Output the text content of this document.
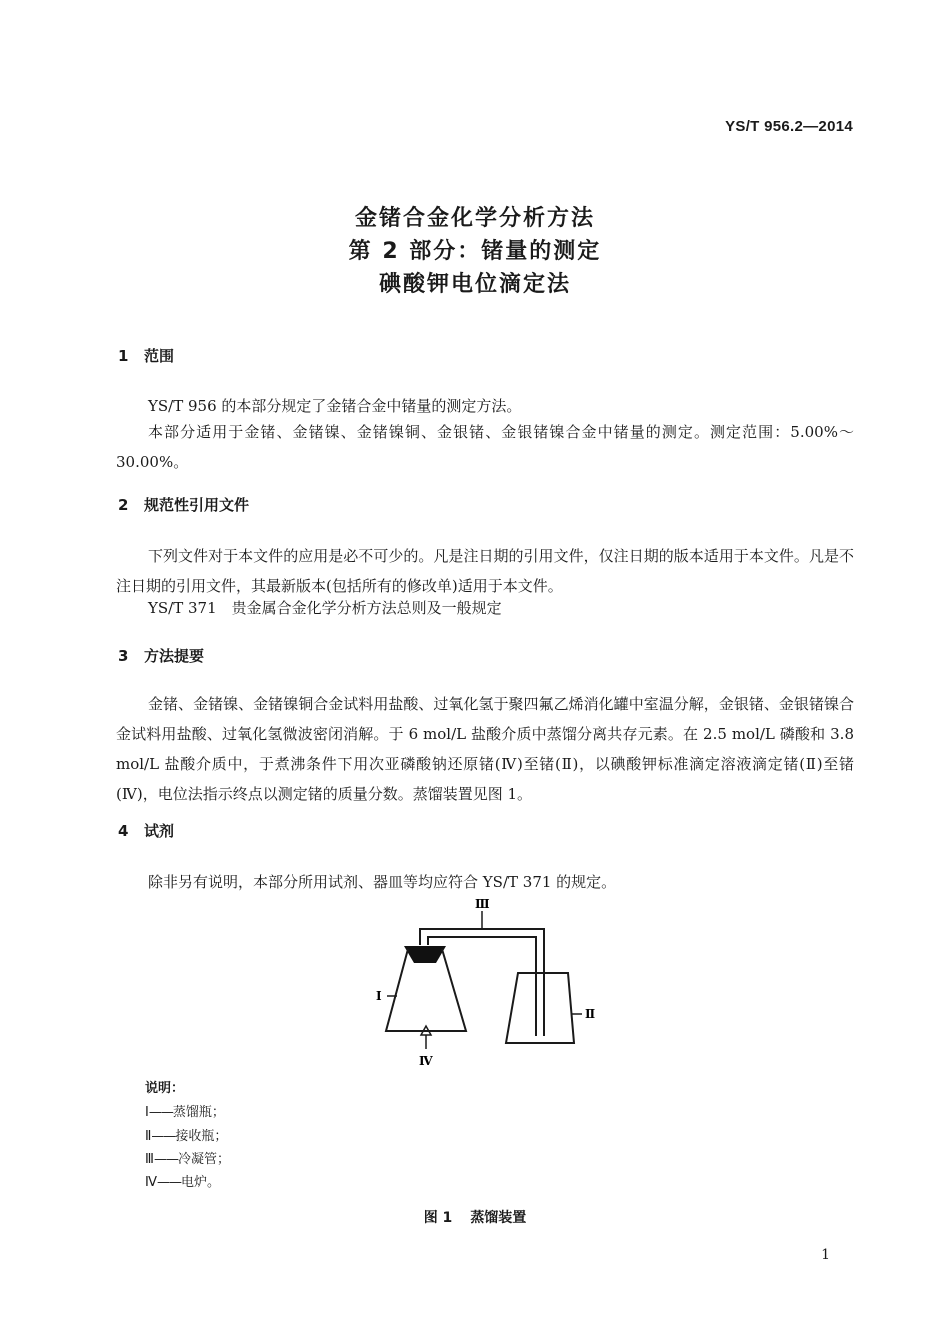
YS/T 956.2—2014
金锗合金化学分析方法
第 2 部分：锗量的测定
碘酸钾电位滴定法
1 范围
YS/T 956 的本部分规定了金锗合金中锗量的测定方法。
本部分适用于金锗、金锗镍、金锗镍铜、金银锗、金银锗镍合金中锗量的测定。测定范围：5.00%～30.00%。
2 规范性引用文件
下列文件对于本文件的应用是必不可少的。凡是注日期的引用文件，仅注日期的版本适用于本文件。凡是不注日期的引用文件，其最新版本(包括所有的修改单)适用于本文件。
YS/T 371　贵金属合金化学分析方法总则及一般规定
3 方法提要
金锗、金锗镍、金锗镍铜合金试料用盐酸、过氧化氢于聚四氟乙烯消化罐中室温分解，金银锗、金银锗镍合金试料用盐酸、过氧化氢微波密闭消解。于 6 mol/L 盐酸介质中蒸馏分离共存元素。在 2.5 mol/L 磷酸和 3.8 mol/L 盐酸介质中，于煮沸条件下用次亚磷酸钠还原锗(Ⅳ)至锗(Ⅱ)，以碘酸钾标准滴定溶液滴定锗(Ⅱ)至锗(Ⅳ)，电位法指示终点以测定锗的质量分数。蒸馏装置见图 1。
4 试剂
除非另有说明，本部分所用试剂、器皿等均应符合 YS/T 371 的规定。
Ⅲ
Ⅰ
Ⅳ
Ⅱ
说明：
Ⅰ——蒸馏瓶；
Ⅱ——接收瓶；
Ⅲ——冷凝管；
Ⅳ——电炉。
图 1 蒸馏装置
1
